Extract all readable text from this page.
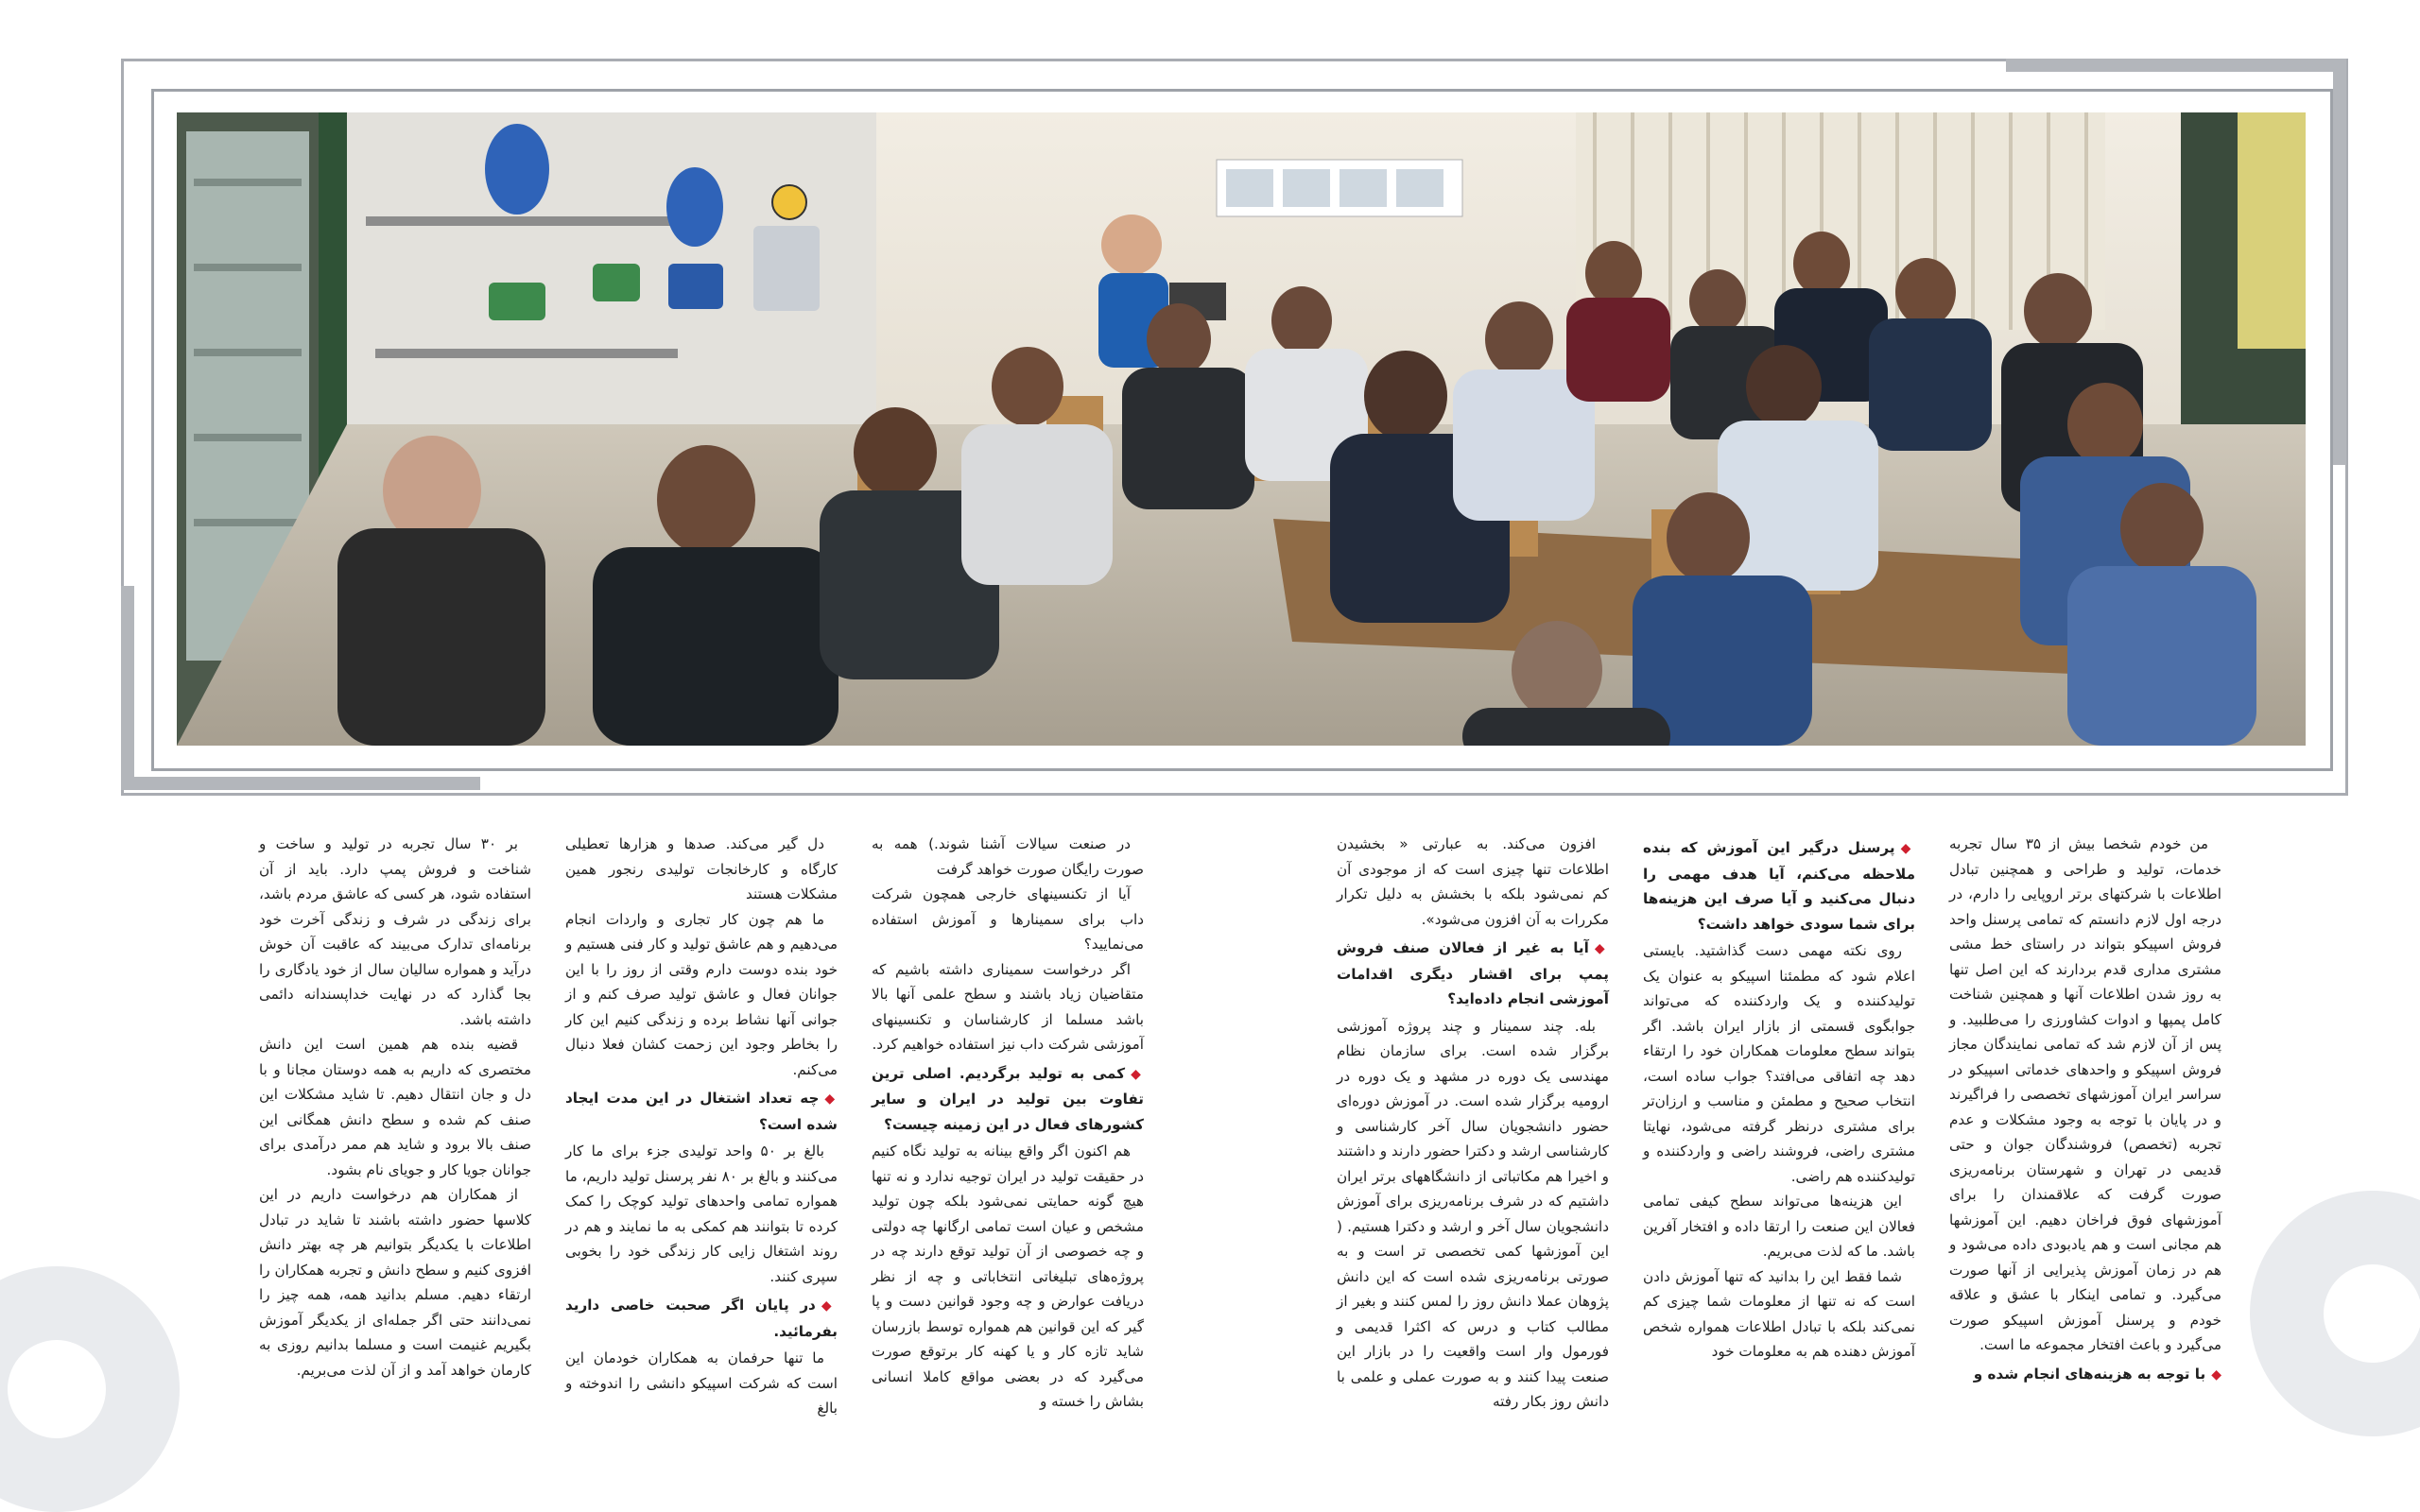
در صنعت سیالات آشنا شوند.) همه به صورت رایگان صورت خواهد گرفت

آیا از تکنسینهای خارجی همچون شرکت داب برای سمینارها و آموزش استفاده می‌نمایید؟

اگر درخواست سمیناری داشته باشیم که متقاضیان زیاد باشند و سطح علمی آنها بالا باشد مسلما از کارشناسان و تکنسینهای آموزشی شرکت داب نیز استفاده خواهیم کرد.

◆کمی به تولید برگردیم. اصلی ترین تفاوت بین تولید در ایران و سایر کشورهای فعال در این زمینه چیست؟

هم اکنون اگر واقع بینانه به تولید نگاه کنیم در حقیقت تولید در ایران توجیه ندارد و نه تنها هیچ گونه حمایتی نمی‌شود بلکه چون تولید مشخص و عیان است تمامی ارگانها چه دولتی و چه خصوصی از آن تولید توقع دارند چه در پروژه‌های تبلیغاتی انتخاباتی و چه از نظر دریافت عوارض و چه وجود قوانین دست و پا گیر که این قوانین هم همواره توسط بازرسان شاید تازه کار و یا کهنه کار برتوقع صورت می‌گیرد که در بعضی مواقع کاملا انسانی بشاش را خسته و

دل گیر می‌کند. صدها و هزارها تعطیلی کارگاه و کارخانجات تولیدی رنجور همین مشکلات هستند

ما هم چون کار تجاری و واردات انجام می‌دهیم و هم عاشق تولید و کار فنی هستیم و خود بنده دوست دارم وقتی از روز را با این جوانان فعال و عاشق تولید صرف کنم و از جوانی آنها نشاط برده و زندگی کنیم این کار را بخاطر وجود این زحمت کشان فعلا دنبال می‌کنم.

◆چه تعداد اشتغال در این مدت ایجاد شده است؟

بالغ بر ۵۰ واحد تولیدی جزء برای ما کار می‌کنند و بالغ بر ۸۰ نفر پرسنل تولید داریم، ما همواره تمامی واحدهای تولید کوچک را کمک کرده تا بتوانند هم کمکی به ما نمایند و هم در روند اشتغال زایی کار زندگی خود را بخوبی سپری کنند.

◆در پایان اگر صحبت خاصی دارید بفرمائید.

ما تنها حرفمان به همکاران خودمان این است که شرکت اسپیکو دانشی را اندوخته و بالغ

بر ۳۰ سال تجربه در تولید و ساخت و شناخت و فروش پمپ دارد. باید از آن استفاده شود، هر کسی که عاشق مردم باشد، برای زندگی در شرف و زندگی آخرت خود برنامه‌ای تدارک می‌بیند که عاقبت آن خوش درآید و همواره سالیان سال از خود یادگاری را بجا گذارد که در نهایت خداپسندانه دائمی داشته باشد.

قضیه بنده هم همین است این دانش مختصری که داریم به همه دوستان مجانا و با دل و جان انتقال دهیم. تا شاید مشکلات این صنف کم شده و سطح دانش همگانی این صنف بالا برود و شاید هم ممر درآمدی برای جوانان جویا کار و جویای نام بشود.

از همکاران هم درخواست داریم در این کلاسها حضور داشته باشند تا شاید در تبادل اطلاعات با یکدیگر بتوانیم هر چه بهتر دانش افزوی کنیم و سطح دانش و تجربه همکاران را ارتقاء دهیم. مسلم بدانید همه، همه چیز را نمی‌دانند حتی اگر جمله‌ای از یکدیگر آموزش بگیریم غنیمت است و مسلما بدانیم روزی به کارمان خواهد آمد و از آن لذت می‌بریم.

من خودم شخصا بیش از ۳۵ سال تجربه خدمات، تولید و طراحی و همچنین تبادل اطلاعات با شرکتهای برتر اروپایی را دارم، در درجه اول لازم دانستم که تمامی پرسنل واحد فروش اسپیکو بتواند در راستای خط مشی مشتری مداری قدم بردارند که این اصل تنها به روز شدن اطلاعات آنها و همچنین شناخت کامل پمپها و ادوات کشاورزی را می‌طلبید. و پس از آن لازم شد که تمامی نمایندگان مجاز فروش اسپیکو و واحدهای خدماتی اسپیکو در سراسر ایران آموزشهای تخصصی را فراگیرند و در پایان با توجه به وجود مشکلات و عدم تجربه (تخصص) فروشندگان جوان و حتی قدیمی در تهران و شهرستان برنامه‌ریزی صورت گرفت که علاقمندان را برای آموزشهای فوق فراخان دهیم. این آموزشها هم مجانی است و هم یادبودی داده می‌شود و هم در زمان آموزش پذیرایی از آنها صورت می‌گیرد. و تمامی اینکار با عشق و علاقه خودم و پرسنل آموزش اسپیکو صورت می‌گیرد و باعث افتخار مجموعه ما است.

◆با توجه به هزینه‌های انجام شده و

◆پرسنل درگیر این آموزش که بنده ملاحظه می‌کنم، آیا هدف مهمی را دنبال می‌کنید و آیا صرف این هزینه‌ها برای شما سودی خواهد داشت؟

روی نکته مهمی دست گذاشتید. بایستی اعلام شود که مطمئنا اسپیکو به عنوان یک تولیدکننده و یک واردکننده که می‌تواند جوابگوی قسمتی از بازار ایران باشد. اگر بتواند سطح معلومات همکاران خود را ارتقاء دهد چه اتفاقی می‌افتد؟ جواب ساده است، انتخاب صحیح و مطمئن و مناسب و ارزان‌تر برای مشتری درنظر گرفته می‌شود، نهایتا مشتری راضی، فروشند راضی و واردکننده و تولیدکننده هم راضی.

این هزینه‌ها می‌تواند سطح کیفی تمامی فعالان این صنعت را ارتقا داده و افتخار آفرین باشد. ما که لذت می‌بریم.

شما فقط این را بدانید که تنها آموزش دادن است که نه تنها از معلومات شما چیزی کم نمی‌کند بلکه با تبادل اطلاعات همواره شخص آموزش دهنده هم به معلومات خود

افزون می‌کند. به عبارتی « بخشیدن اطلاعات تنها چیزی است که از موجودی آن کم نمی‌شود بلکه با بخشش به دلیل تکرار مکررات به آن افزون می‌شود».

◆آیا به غیر از فعالان صنف فروش پمپ برای اقشار دیگری اقدامات آموزشی انجام داده‌اید؟

بله. چند سمینار و چند پروژه آموزشی برگزار شده است. برای سازمان نظام مهندسی یک دوره در مشهد و یک دوره در ارومیه برگزار شده است. در آموزش دوره‌ای حضور دانشجویان سال آخر کارشناسی و کارشناسی ارشد و دکترا حضور دارند و داشتند و اخیرا هم مکاتباتی از دانشگاههای برتر ایران داشتیم که در شرف برنامه‌ریزی برای آموزش دانشجویان سال آخر و ارشد و دکترا هستیم. ( این آموزشها کمی تخصصی تر است و به صورتی برنامه‌ریزی شده است که این دانش پژوهان عملا دانش روز را لمس کنند و بغیر از مطالب کتاب و درس که اکثرا قدیمی و فورمول وار است واقعیت را در بازار این صنعت پیدا کنند و به صورت عملی و علمی با دانش روز بکار رفته
